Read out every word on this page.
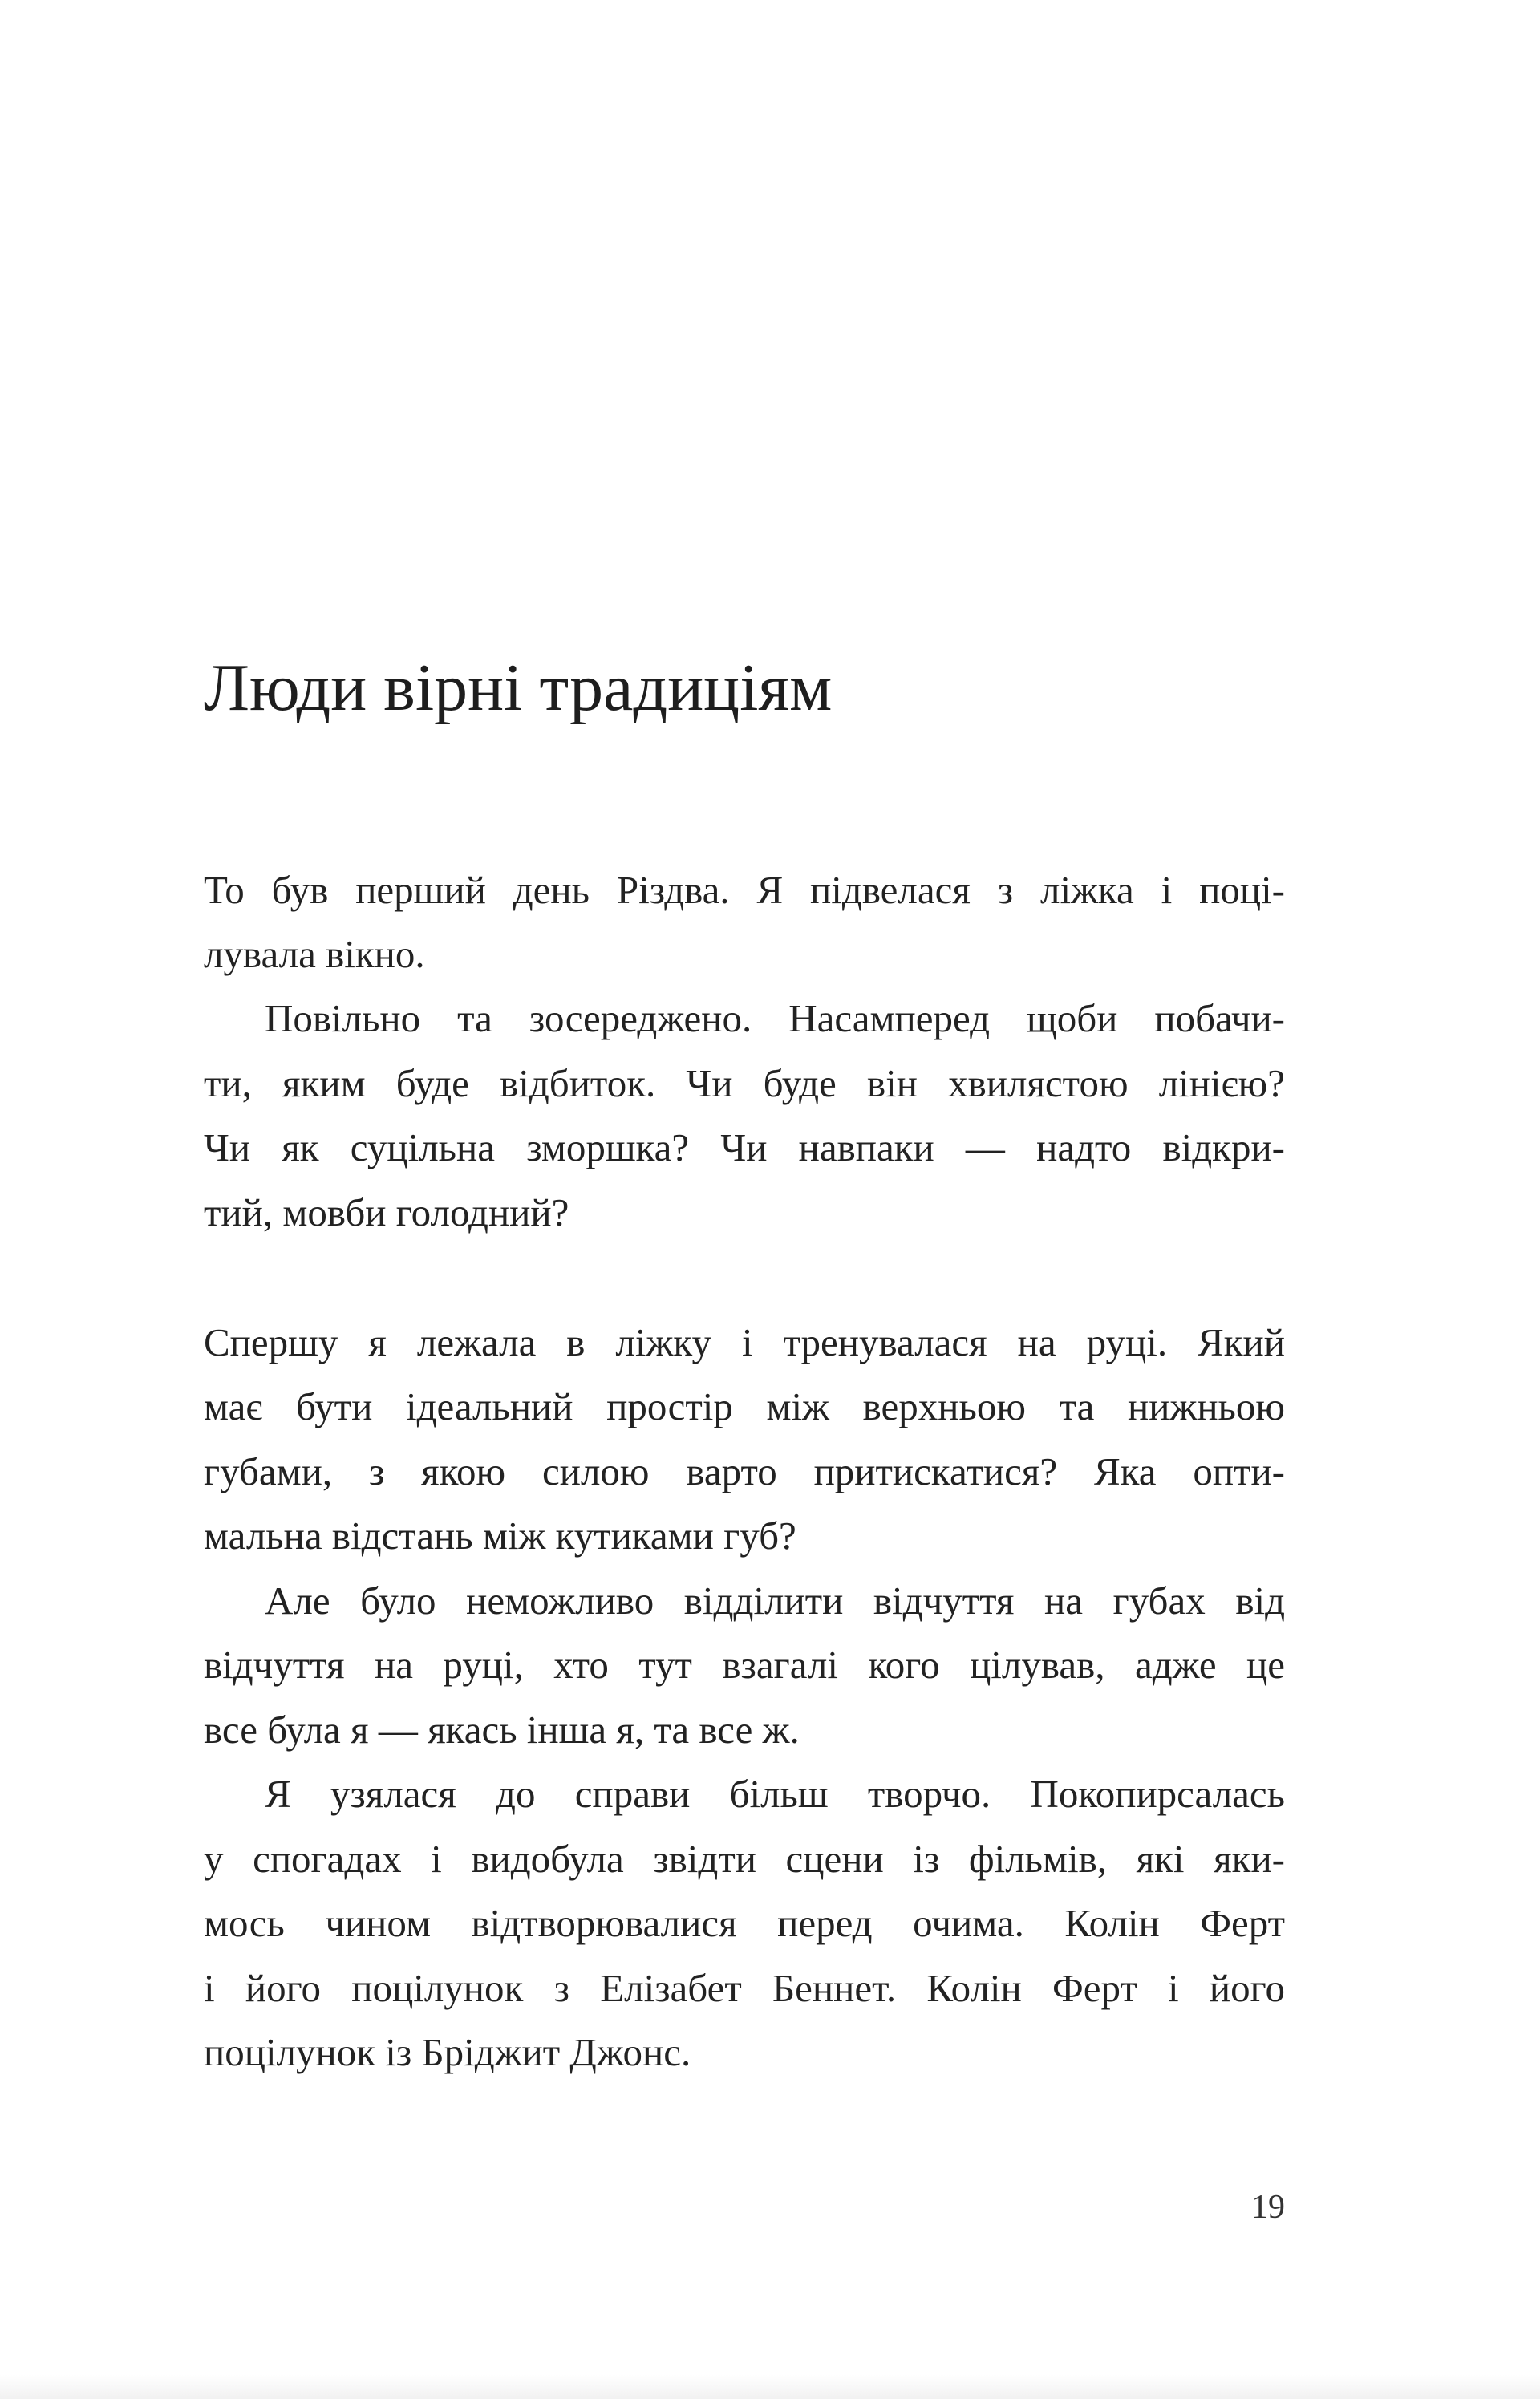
Люди вірні традиціям
То був перший день Різдва. Я підвелася з ліжка і поці-
лувала вікно.
Повільно та зосереджено. Насамперед щоби побачи-
ти, яким буде відбиток. Чи буде він хвилястою лінією?
Чи як суцільна зморшка? Чи навпаки — надто відкри-
тий, мовби голодний?
Спершу я лежала в ліжку і тренувалася на руці. Який
має бути ідеальний простір між верхньою та нижньою
губами, з якою силою варто притискатися? Яка опти-
мальна відстань між кутиками губ?
Але було неможливо відділити відчуття на губах від
відчуття на руці, хто тут взагалі кого цілував, адже це
все була я — якась інша я, та все ж.
Я узялася до справи більш творчо. Покопирсалась
у спогадах і видобула звідти сцени із фільмів, які яки-
мось чином відтворювалися перед очима. Колін Ферт
і його поцілунок з Елізабет Беннет. Колін Ферт і його
поцілунок із Бріджит Джонс.
19
